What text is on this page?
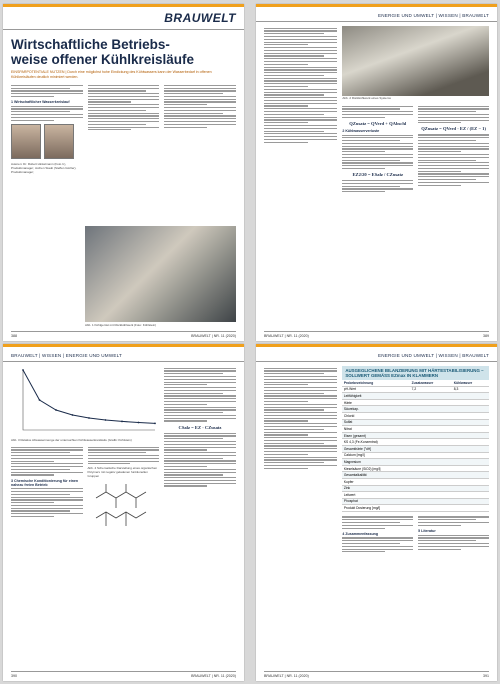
BRAUWELT
Wirtschaftliche Betriebs-
weise offener Kühlkreisläufe
EINSPARPOTENTIALE NUTZEN | Durch eine möglichst hohe Eindickung des Kühlwassers kann der Wasserbedarf in offenen Kühlkreisläufen deutlich minimiert werden.
1 Wirtschaftlicher Wasserkreislauf
Autoren: Dr. Robert Hinkelmann (Foto li.), Produktmanager; Jochen Staub (Steffen Gürtler), Produktmanager;
Abb. 1 Kühlgerüst mit Rückkühlwerk (Foto: Kühlstein)
388	BRAUWELT | NR. 11 (2020)
ENERGIE UND UMWELT | WISSEN | BRAUWELT
Abb. 2 Rückkühlwerk eines Systems
QZusatz = QVerd + QAbschl
2 Kühlwasserverluste
EZ2/20 = ESalz / CZusatz
QZusatz = QVerd · EZ / (EZ − 1)
BRAUWELT | NR. 11 (2020)	389
BRAUWELT | WISSEN | ENERGIE UND UMWELT
Abb. 3 Relative Abwassermenge der untersuchten Kühlwasserkreisläufe (Grafik: Kühlstein)
3 Chemische Konditionierung für einen nahezu freien Betrieb
Abb. 4 Schematische Darstellung eines organischen Polymers mit negativ geladenen funktionellen Gruppen
CSalz = EZ · CZusatz
390	BRAUWELT | NR. 11 (2020)
ENERGIE UND UMWELT | WISSEN | BRAUWELT
AUSGEGLICHENE BILANZIERUNG MIT HÄRTESTABILISIERUNG – SOLLWERT GEMÄSS EZmax IN KLAMMERN
Probebezeichnung	Zusatzwasser	Kühlwasser
pH-Wert	7,2	8,3
Leitfähigkeit		
Härte		
Säurekap.		
Chlorid		
Sulfat		
Nitrat		
Eisen (gesamt)		
KS 4,3 (Fe-Konzentrat)		
Gesamthärte [°dH]		
Calcium [mg/l]		
Magnesium		
Kieselsäure (SiO2) [mg/l]		
Gesamtalkalität		
Kupfer		
Zink		
Leitwert		
Phosphat		
Produkt Dosierung [mg/l]		
4 Zusammenfassung
5 Literatur
BRAUWELT | NR. 11 (2020)	391
